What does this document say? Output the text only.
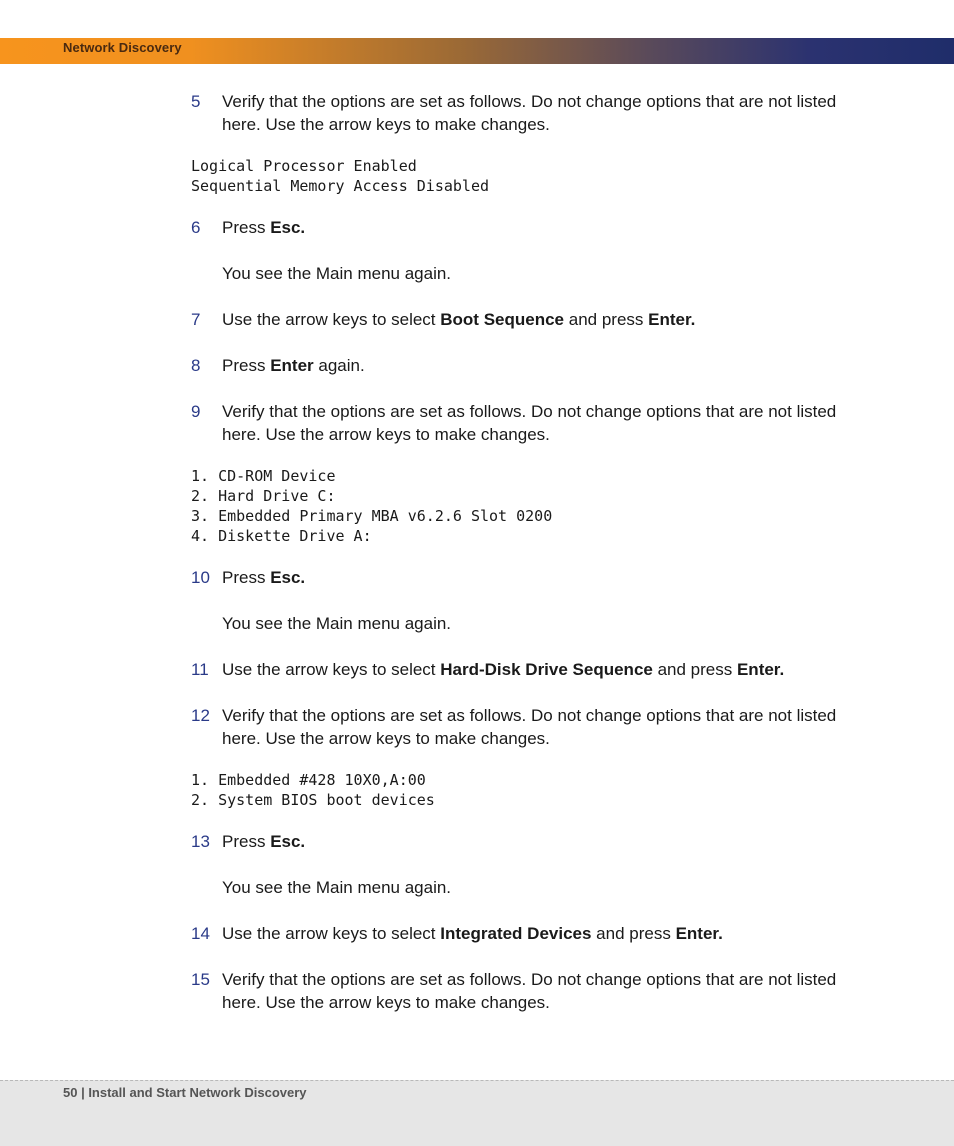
Network Discovery
5 Verify that the options are set as follows. Do not change options that are not listed here. Use the arrow keys to make changes.
Logical Processor Enabled
Sequential Memory Access Disabled
6 Press Esc.
You see the Main menu again.
7 Use the arrow keys to select Boot Sequence and press Enter.
8 Press Enter again.
9 Verify that the options are set as follows. Do not change options that are not listed here. Use the arrow keys to make changes.
1. CD-ROM Device
2. Hard Drive C:
3. Embedded Primary MBA v6.2.6 Slot 0200
4. Diskette Drive A:
10 Press Esc.
You see the Main menu again.
11 Use the arrow keys to select Hard-Disk Drive Sequence and press Enter.
12 Verify that the options are set as follows. Do not change options that are not listed here. Use the arrow keys to make changes.
1. Embedded #428 10X0,A:00
2. System BIOS boot devices
13 Press Esc.
You see the Main menu again.
14 Use the arrow keys to select Integrated Devices and press Enter.
15 Verify that the options are set as follows. Do not change options that are not listed here. Use the arrow keys to make changes.
50 | Install and Start Network Discovery
